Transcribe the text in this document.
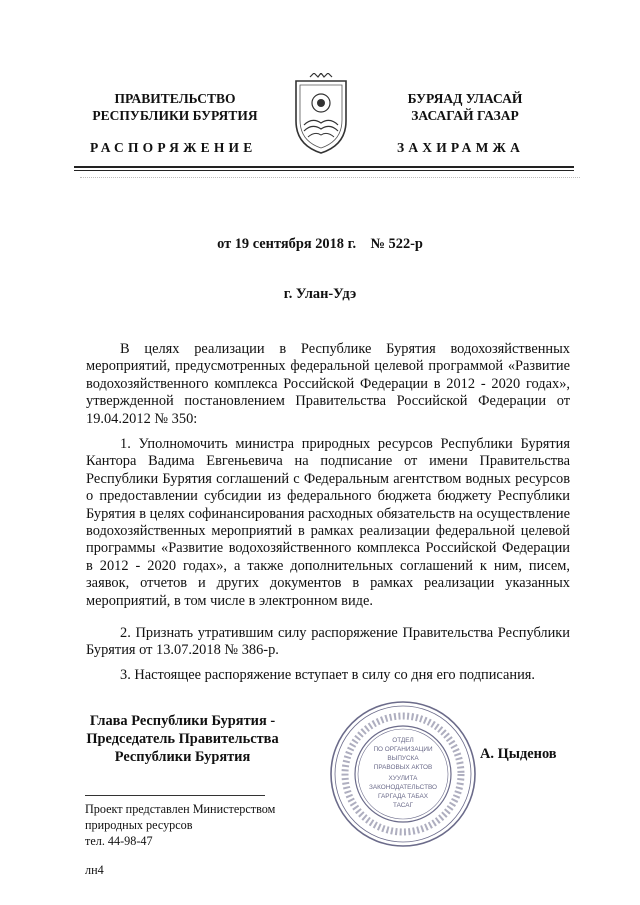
ПРАВИТЕЛЬСТВО
РЕСПУБЛИКИ БУРЯТИЯ
РАСПОРЯЖЕНИЕ
БУРЯАД УЛАСАЙ
ЗАСАГАЙ ГАЗАР
ЗАХИРАМЖА
от 19 сентября 2018 г.    № 522-р
г. Улан-Удэ
В целях реализации в Республике Бурятия водохозяйственных мероприятий, предусмотренных федеральной целевой программой «Развитие водохозяйственного комплекса Российской Федерации в 2012 - 2020 годах», утвержденной постановлением Правительства Российской Федерации от 19.04.2012 № 350:
1. Уполномочить министра природных ресурсов Республики Бурятия Кантора Вадима Евгеньевича на подписание от имени Правительства Республики Бурятия соглашений с Федеральным агентством водных ресурсов о предоставлении субсидии из федерального бюджета бюджету Республики Бурятия в целях софинансирования расходных обязательств на осуществление водохозяйственных мероприятий в рамках реализации федеральной целевой программы «Развитие водохозяйственного комплекса Российской Федерации в 2012 - 2020 годах», а также дополнительных соглашений к ним, писем, заявок, отчетов и других документов в рамках реализации указанных мероприятий, в том числе в электронном виде.
2. Признать утратившим силу распоряжение Правительства Республики Бурятия от 13.07.2018 № 386-р.
3. Настоящее распоряжение вступает в силу со дня его подписания.
Глава Республики Бурятия -
Председатель Правительства
Республики Бурятия	А. Цыденов
ОТДЕЛ
ПО ОРГАНИЗАЦИИ
ВЫПУСКА
ПРАВОВЫХ АКТОВ
ХУУЛИТА
ЗАКОНОДАТЕЛЬСТВО
ГАРГАДА ТАБАХ
ТАСАГ
Проект представлен Министерством
природных ресурсов
тел. 44-98-47
лн4
